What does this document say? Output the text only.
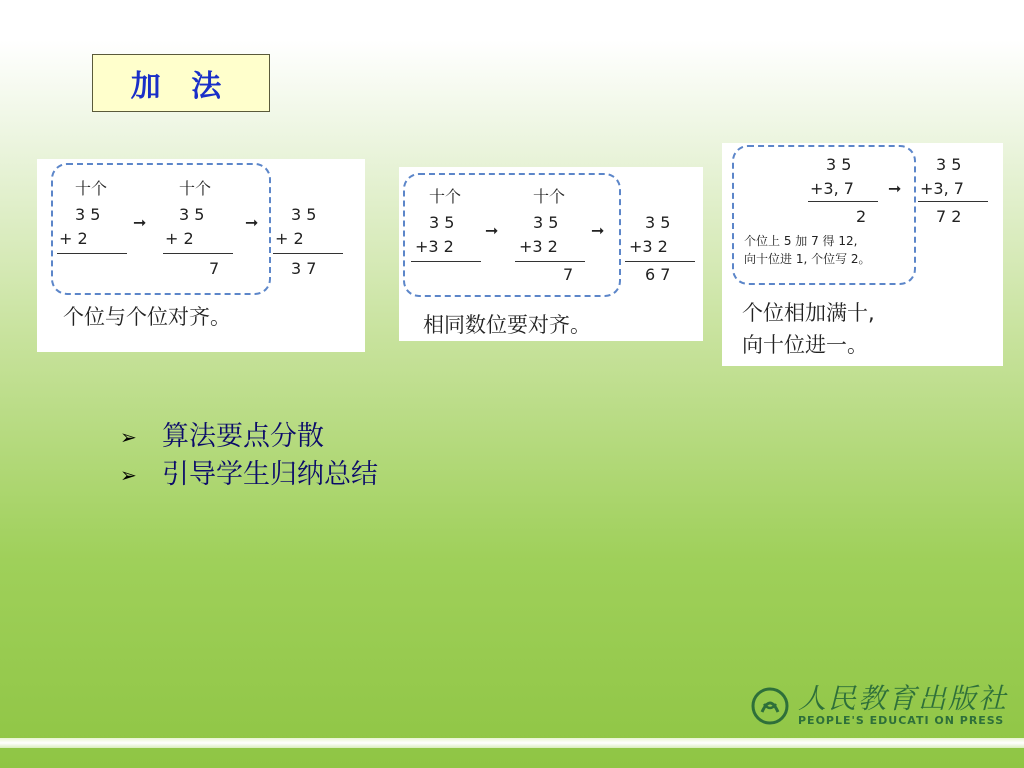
加 法
十个	十个
3 5
+ 2
➞ 3 5
+ 2
7
➞ 3 5
+ 2
3 7
个位与个位对齐。
十个	十个
3 5
+3 2
➞ 3 5
+3 2
7
➞	3 5
+3 2
6 7
相同数位要对齐。
3 5
+3, 7
2
➞
3 5
+3, 7
7 2
个位上 5 加 7 得 12,
向十位进 1, 个位写 2。
个位相加满十,
向十位进一。
➢ 算法要点分散
➢ 引导学生归纳总结
人民教育出版社
PEOPLE'S EDUCATI ON PRESS
